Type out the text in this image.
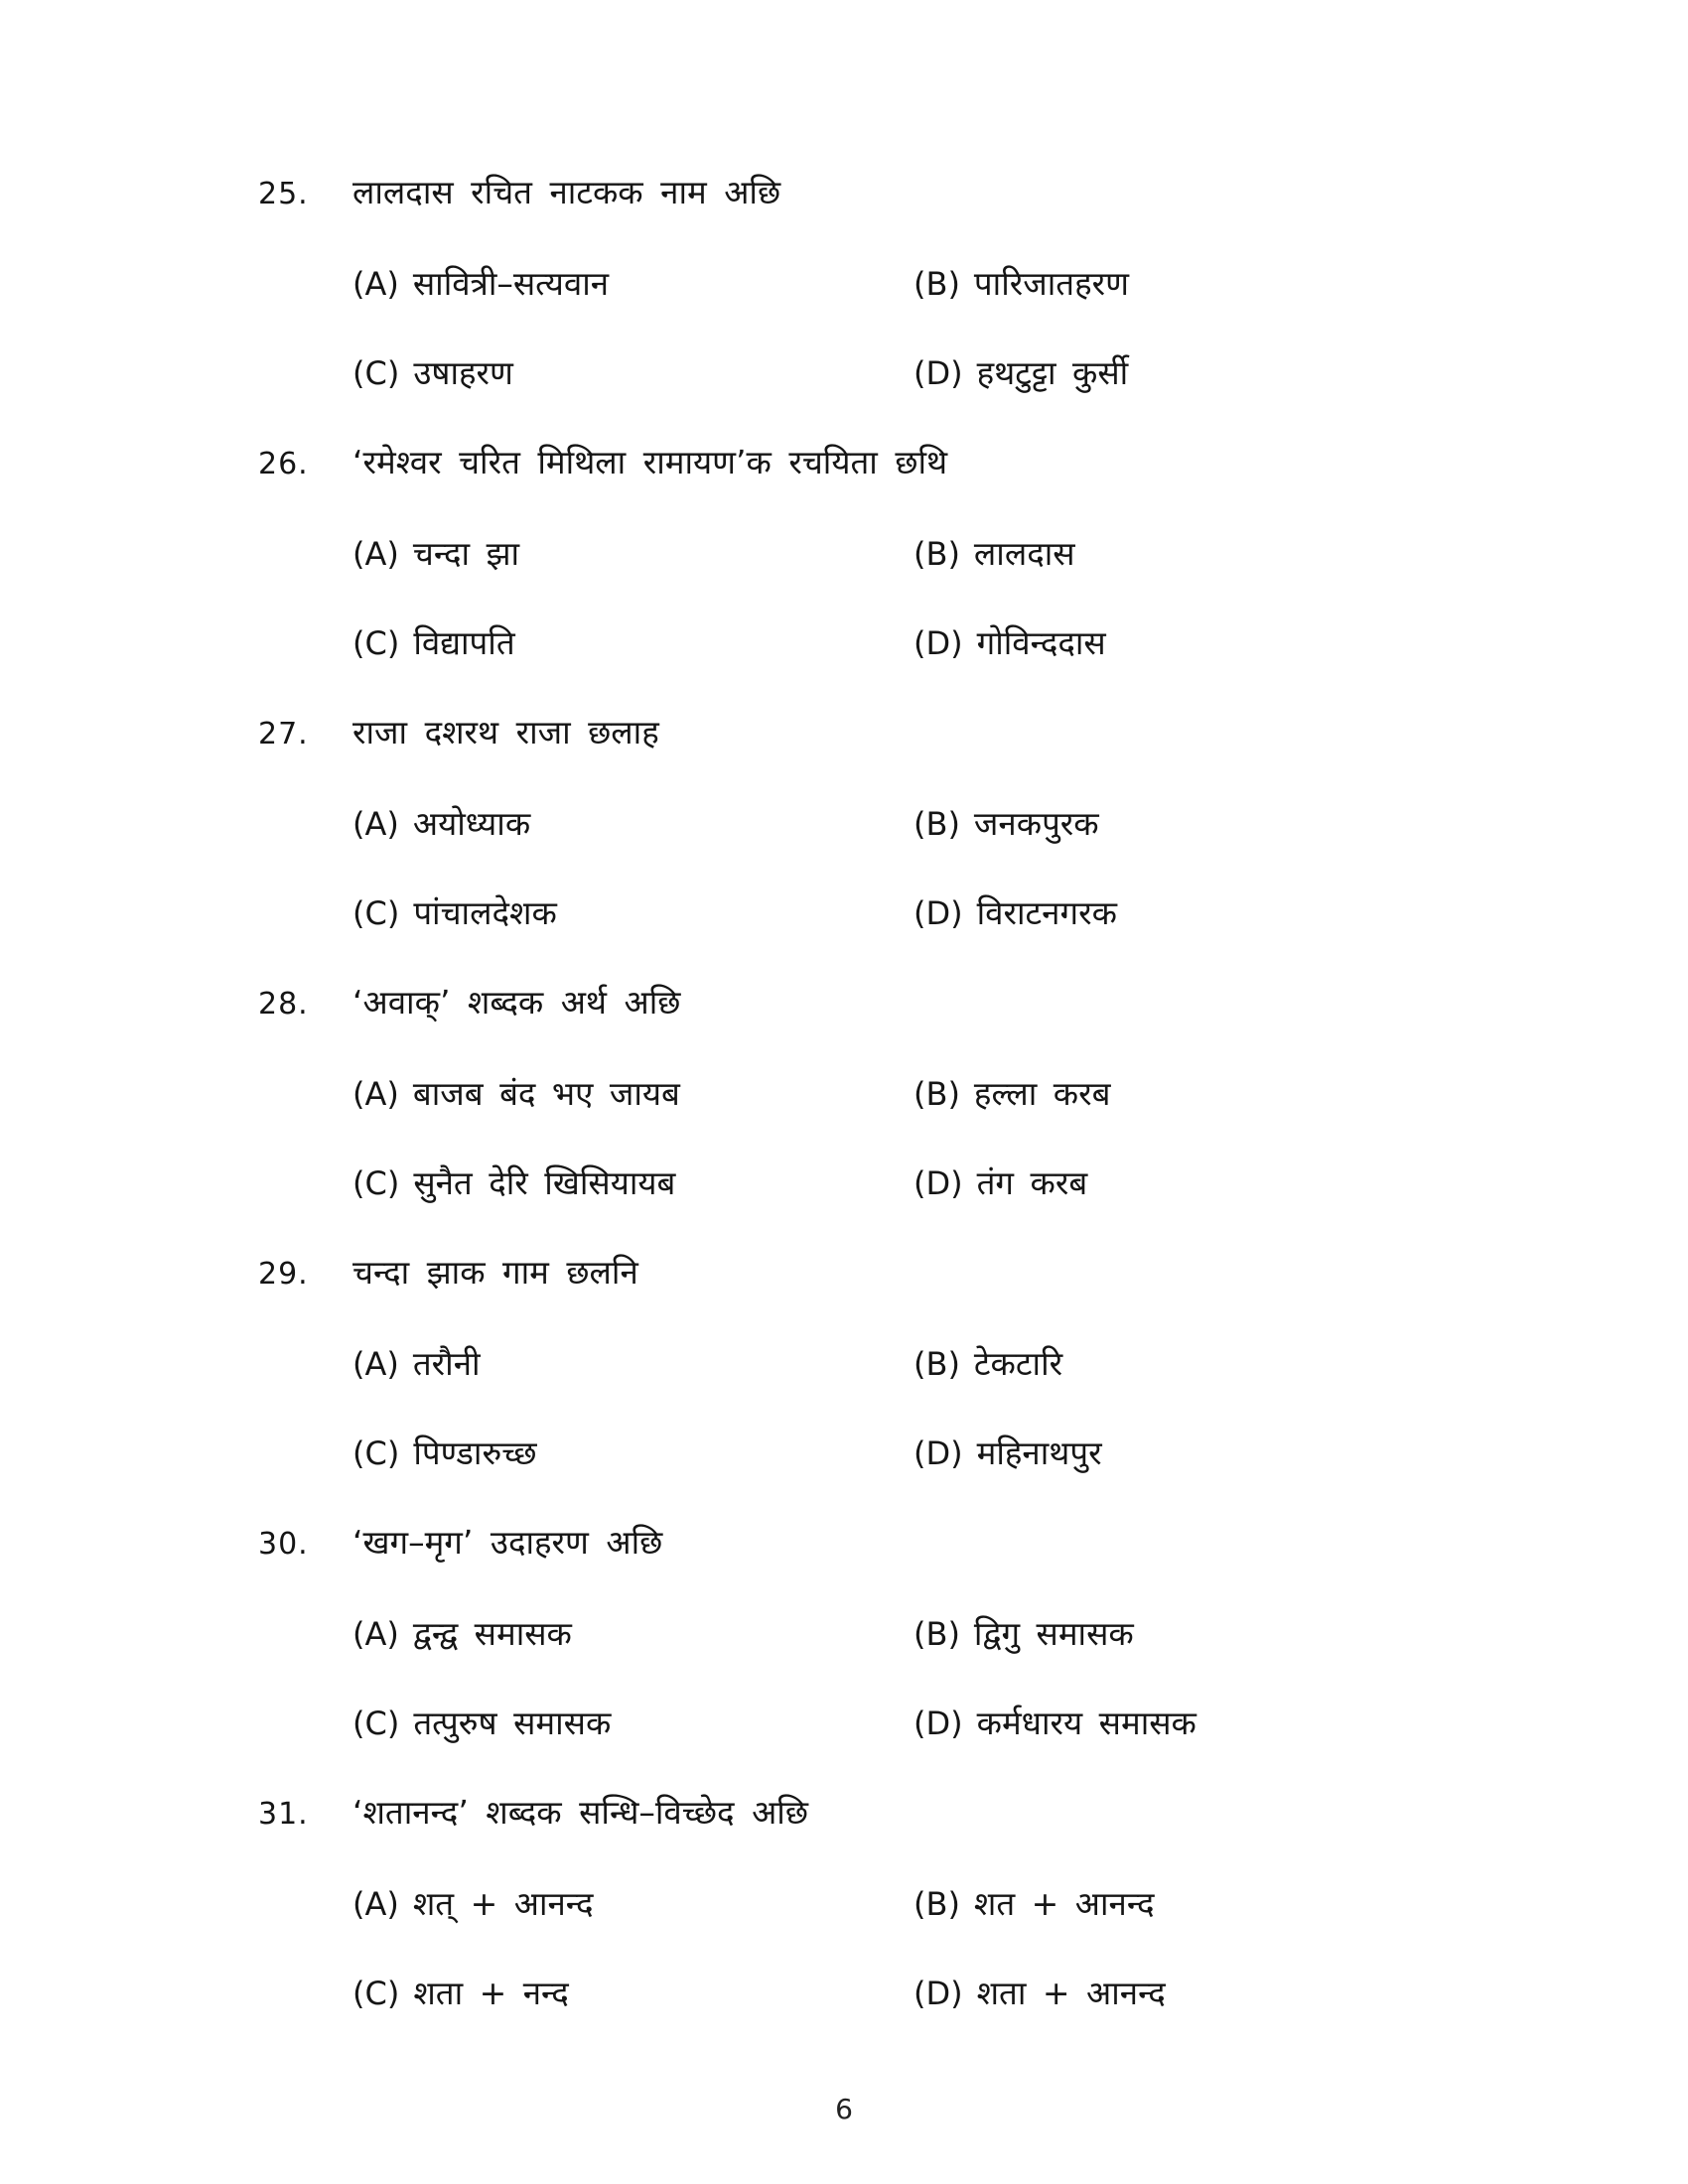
25.	लालदास रचित नाटकक नाम अछि
(A) सावित्री–सत्यवान	(B) पारिजातहरण
(C) उषाहरण	(D) हथटुट्टा कुर्सी
26.	‘रमेश्वर चरित मिथिला रामायण’क रचयिता छथि
(A) चन्दा झा	(B) लालदास
(C) विद्यापति	(D) गोविन्ददास
27.	राजा दशरथ राजा छलाह
(A) अयोध्याक	(B) जनकपुरक
(C) पांचालदेशक	(D) विराटनगरक
28.	‘अवाक्’ शब्दक अर्थ अछि
(A) बाजब बंद भए जायब	(B) हल्ला करब
(C) सुनैत देरि खिसियायब	(D) तंग करब
29.	चन्दा झाक गाम छलनि
(A) तरौनी	(B) टेकटारि
(C) पिण्डारुच्छ	(D) महिनाथपुर
30.	‘खग–मृग’ उदाहरण अछि
(A) द्वन्द्व समासक	(B) द्विगु समासक
(C) तत्पुरुष समासक	(D) कर्मधारय समासक
31.	‘शतानन्द’ शब्दक सन्धि–विच्छेद अछि
(A) शत् + आनन्द	(B) शत + आनन्द
(C) शता + नन्द	(D) शता + आनन्द
6
